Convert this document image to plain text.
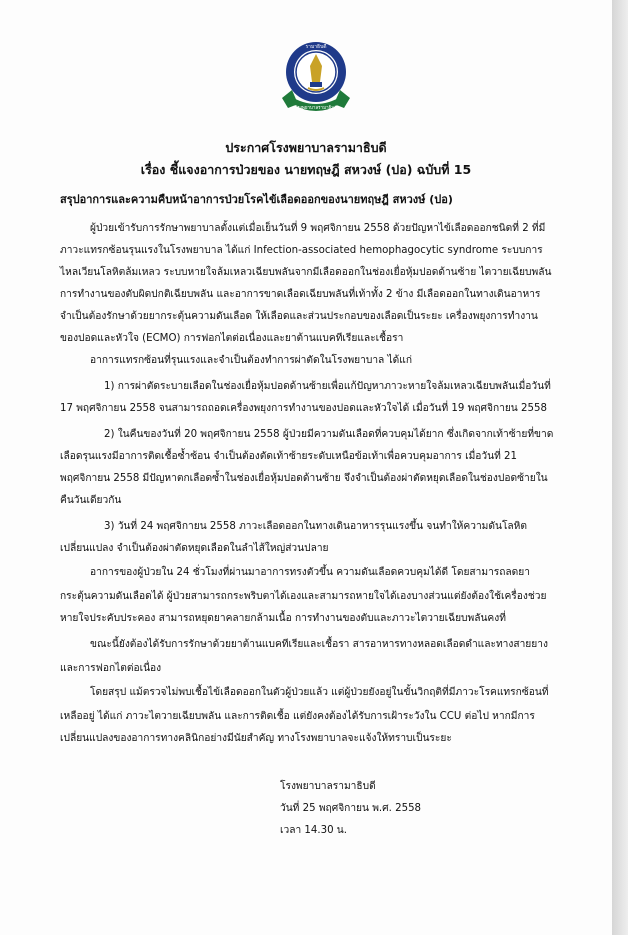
รามาธิบดี
โรงพยาบาลรามาธิบดี
ประกาศโรงพยาบาลรามาธิบดี
เรื่อง ชี้แจงอาการป่วยของ นายทฤษฎี สหวงษ์ (ปอ) ฉบับที่ 15
สรุปอาการและความคืบหน้าอาการป่วยโรคไข้เลือดออกของนายทฤษฎี สหวงษ์ (ปอ)
ผู้ป่วยเข้ารับการรักษาพยาบาลตั้งแต่เมื่อเย็นวันที่ 9 พฤศจิกายน 2558 ด้วยปัญหาไข้เลือดออกชนิดที่ 2 ที่มี
ภาวะแทรกซ้อนรุนแรงในโรงพยาบาล ได้แก่ Infection-associated hemophagocytic syndrome ระบบการ
ไหลเวียนโลหิตล้มเหลว ระบบหายใจล้มเหลวเฉียบพลันจากมีเลือดออกในช่องเยื่อหุ้มปอดด้านซ้าย ไตวายเฉียบพลัน
การทำงานของตับผิดปกติเฉียบพลัน และอาการขาดเลือดเฉียบพลันที่เท้าทั้ง 2 ข้าง มีเลือดออกในทางเดินอาหาร
จำเป็นต้องรักษาด้วยยากระตุ้นความดันเลือด ให้เลือดและส่วนประกอบของเลือดเป็นระยะ เครื่องพยุงการทำงาน
ของปอดและหัวใจ (ECMO) การฟอกไตต่อเนื่องและยาต้านแบคทีเรียและเชื้อรา
อาการแทรกซ้อนที่รุนแรงและจำเป็นต้องทำการผ่าตัดในโรงพยาบาล ได้แก่
1) การผ่าตัดระบายเลือดในช่องเยื่อหุ้มปอดด้านซ้ายเพื่อแก้ปัญหาภาวะหายใจล้มเหลวเฉียบพลันเมื่อวันที่
17 พฤศจิกายน 2558 จนสามารถถอดเครื่องพยุงการทำงานของปอดและหัวใจได้ เมื่อวันที่ 19 พฤศจิกายน 2558
2) ในคืนของวันที่ 20 พฤศจิกายน 2558 ผู้ป่วยมีความดันเลือดที่ควบคุมได้ยาก ซึ่งเกิดจากเท้าซ้ายที่ขาด
เลือดรุนแรงมีอาการติดเชื้อซ้ำซ้อน จำเป็นต้องตัดเท้าซ้ายระดับเหนือข้อเท้าเพื่อควบคุมอาการ เมื่อวันที่ 21
พฤศจิกายน 2558 มีปัญหาตกเลือดซ้ำในช่องเยื่อหุ้มปอดด้านซ้าย จึงจำเป็นต้องผ่าตัดหยุดเลือดในช่องปอดซ้ายใน
คืนวันเดียวกัน
3) วันที่ 24 พฤศจิกายน 2558 ภาวะเลือดออกในทางเดินอาหารรุนแรงขึ้น จนทำให้ความดันโลหิต
เปลี่ยนแปลง จำเป็นต้องผ่าตัดหยุดเลือดในลำไส้ใหญ่ส่วนปลาย
อาการของผู้ป่วยใน 24 ชั่วโมงที่ผ่านมาอาการทรงตัวขึ้น ความดันเลือดควบคุมได้ดี โดยสามารถลดยา
กระตุ้นความดันเลือดได้ ผู้ป่วยสามารถกระพริบตาได้เองและสามารถหายใจได้เองบางส่วนแต่ยังต้องใช้เครื่องช่วย
หายใจประคับประคอง สามารถหยุดยาคลายกล้ามเนื้อ การทำงานของตับและภาวะไตวายเฉียบพลันคงที่
ขณะนี้ยังต้องได้รับการรักษาด้วยยาต้านแบคทีเรียและเชื้อรา สารอาหารทางหลอดเลือดดำและทางสายยาง
และการฟอกไตต่อเนื่อง
โดยสรุป แม้ตรวจไม่พบเชื้อไข้เลือดออกในตัวผู้ป่วยแล้ว แต่ผู้ป่วยยังอยู่ในขั้นวิกฤติที่มีภาวะโรคแทรกซ้อนที่
เหลืออยู่ ได้แก่ ภาวะไตวายเฉียบพลัน และการติดเชื้อ แต่ยังคงต้องได้รับการเฝ้าระวังใน CCU ต่อไป หากมีการ
เปลี่ยนแปลงของอาการทางคลินิกอย่างมีนัยสำคัญ ทางโรงพยาบาลจะแจ้งให้ทราบเป็นระยะ
โรงพยาบาลรามาธิบดี
วันที่ 25 พฤศจิกายน พ.ศ. 2558
เวลา 14.30 น.
